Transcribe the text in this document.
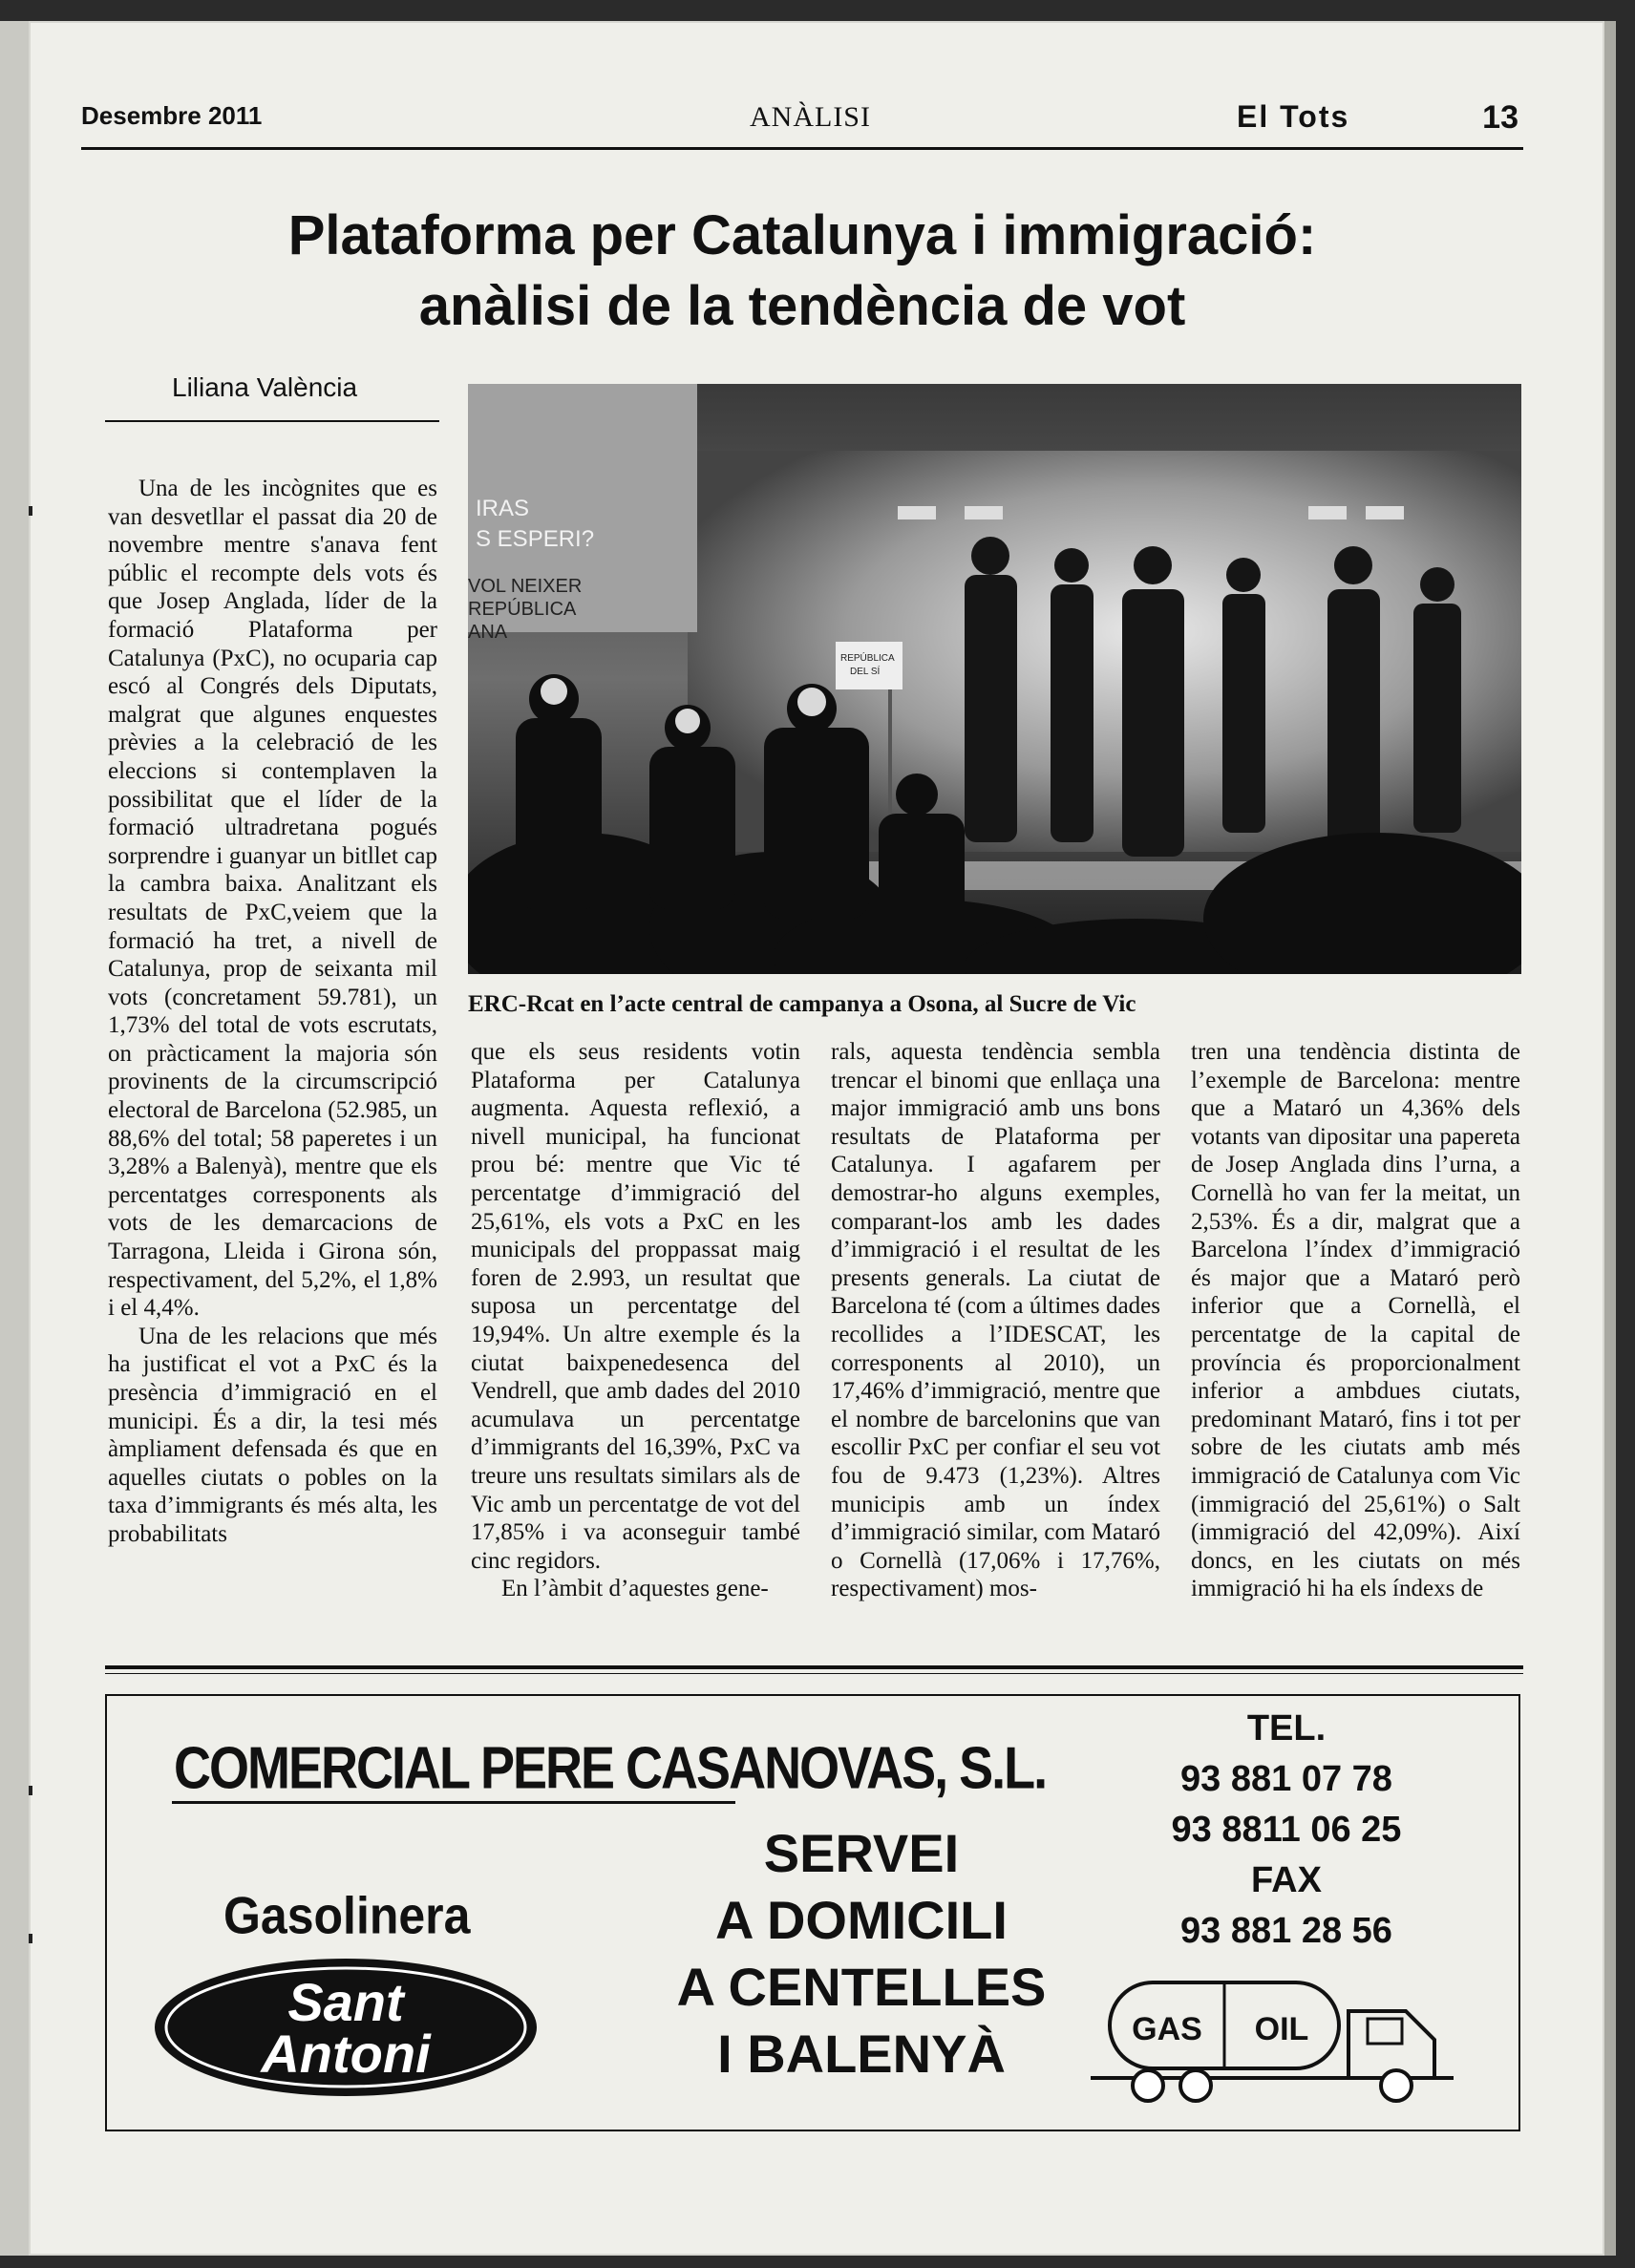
Desembre 2011	ANÀLISI	El Tots	13
Plataforma per Catalunya i immigració:
anàlisi de la tendència de vot
Liliana València
IRAS
S ESPERI?
VOL NEIXER
REPÚBLICA
ANA
REPÚBLICA
DEL SÍ
ERC-Rcat en l’acte central de campanya a Osona, al Sucre de Vic

Una de les incògnites que es van desvetllar el passat dia 20 de novembre mentre s'anava fent públic el recompte dels vots és que Josep Anglada, líder de la formació Plataforma per Catalunya (PxC), no ocuparia cap escó al Congrés dels Diputats, malgrat que algunes enquestes prèvies a la celebració de les eleccions si contemplaven la possibilitat que el líder de la formació ultradretana pogués sorprendre i guanyar un bitllet cap la cambra baixa. Analitzant els resultats de PxC,veiem que la formació ha tret, a nivell de Catalunya, prop de seixanta mil vots (concretament 59.781), un 1,73% del total de vots escrutats, on pràcticament la majoria són provinents de la circumscripció electoral de Barcelona (52.985, un 88,6% del total; 58 paperetes i un 3,28% a Balenyà), mentre que els percentatges corresponents als vots de les demarcacions de Tarragona, Lleida i Girona són, respectivament, del 5,2%, el 1,8% i el 4,4%.

Una de les relacions que més ha justificat el vot a PxC és la presència d’immigració en el municipi. És a dir, la tesi més àmpliament defensada és que en aquelles ciutats o pobles on la taxa d’immigrants és més alta, les probabilitats

que els seus residents votin Plataforma per Catalunya augmenta. Aquesta reflexió, a nivell municipal, ha funcionat prou bé: mentre que Vic té percentatge d’immigració del 25,61%, els vots a PxC en les municipals del proppassat maig foren de 2.993, un resultat que suposa un percentatge del 19,94%. Un altre exemple és la ciutat baixpenedesenca del Vendrell, que amb dades del 2010 acumulava un percentatge d’immigrants del 16,39%, PxC va treure uns resultats similars als de Vic amb un percentatge de vot del 17,85% i va aconseguir també cinc regidors.

En l’àmbit d’aquestes gene-

rals, aquesta tendència sembla trencar el binomi que enllaça una major immigració amb uns bons resultats de Plataforma per Catalunya. I agafarem per demostrar-ho alguns exemples, comparant-los amb les dades d’immigració i el resultat de les presents generals. La ciutat de Barcelona té (com a últimes dades recollides a l’IDESCAT, les corresponents al 2010), un 17,46% d’immigració, mentre que el nombre de barcelonins que van escollir PxC per confiar el seu vot fou de 9.473 (1,23%). Altres municipis amb un índex d’immigració similar, com Mataró o Cornellà (17,06% i 17,76%, respectivament) mos-

tren una tendència distinta de l’exemple de Barcelona: mentre que a Mataró un 4,36% dels votants van dipositar una papereta de Josep Anglada dins l’urna, a Cornellà ho van fer la meitat, un 2,53%. És a dir, malgrat que a Barcelona l’índex d’immigració és major que a Mataró però inferior que a Cornellà, el percentatge de la capital de província és proporcionalment inferior a ambdues ciutats, predominant Mataró, fins i tot per sobre de les ciutats amb més immigració de Catalunya com Vic (immigració del 25,61%) o Salt (immigració del 42,09%). Així doncs, en les ciutats on més immigració hi ha els índexs de

COMERCIAL PERE CASANOVAS, S.L.
Gasolinera
Sant
Antoni
SERVEI
A DOMICILI
A CENTELLES
I BALENYÀ
TEL.
93 881 07 78
93 8811 06 25
FAX
93 881 28 56
GAS OIL
